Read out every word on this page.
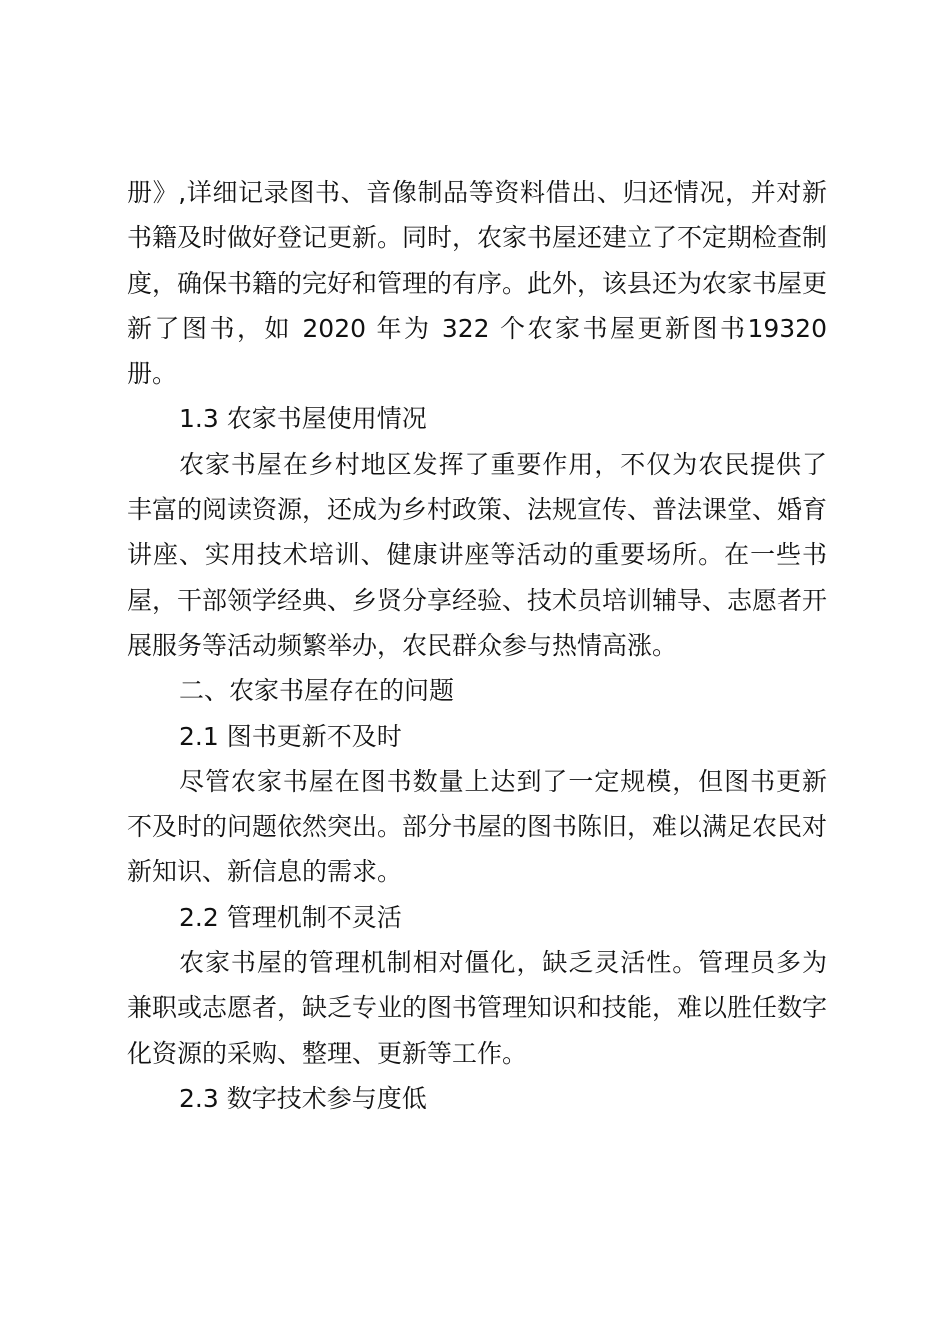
册》,详细记录图书、音像制品等资料借出、归还情况，并对新书籍及时做好登记更新。同时，农家书屋还建立了不定期检查制度，确保书籍的完好和管理的有序。此外，该县还为农家书屋更新了图书，如 2020 年为 322 个农家书屋更新图书19320 册。

1.3 农家书屋使用情况

农家书屋在乡村地区发挥了重要作用，不仅为农民提供了丰富的阅读资源，还成为乡村政策、法规宣传、普法课堂、婚育讲座、实用技术培训、健康讲座等活动的重要场所。在一些书屋，干部领学经典、乡贤分享经验、技术员培训辅导、志愿者开展服务等活动频繁举办，农民群众参与热情高涨。

二、农家书屋存在的问题

2.1 图书更新不及时

尽管农家书屋在图书数量上达到了一定规模，但图书更新不及时的问题依然突出。部分书屋的图书陈旧，难以满足农民对新知识、新信息的需求。

2.2 管理机制不灵活

农家书屋的管理机制相对僵化，缺乏灵活性。管理员多为兼职或志愿者，缺乏专业的图书管理知识和技能，难以胜任数字化资源的采购、整理、更新等工作。

2.3 数字技术参与度低
